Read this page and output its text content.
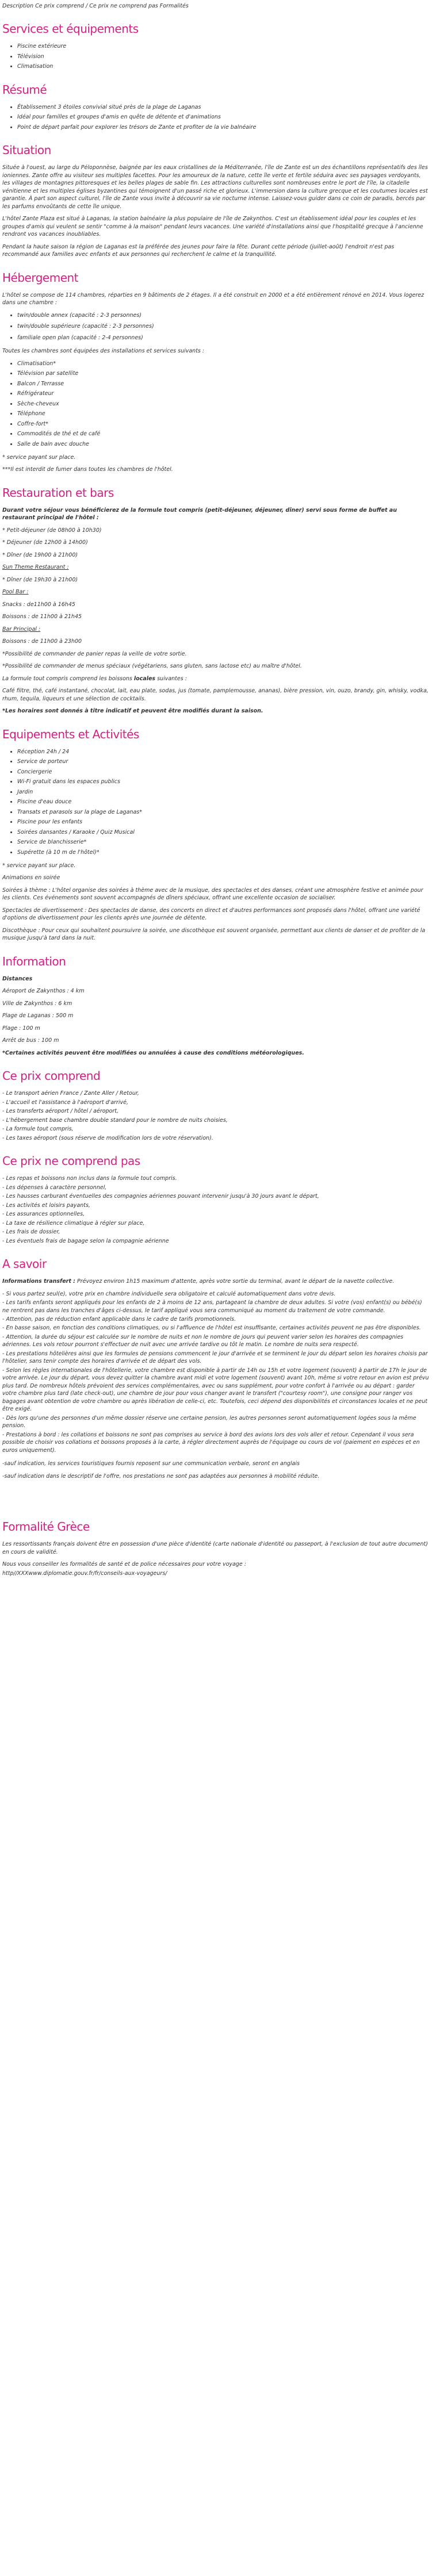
Description Ce prix comprend / Ce prix ne comprend pas Formalités

Services et équipements
• Piscine extérieure
• Télévision
• Climatisation
Résumé
• Établissement 3 étoiles convivial situé près de la plage de Laganas
• Idéal pour familles et groupes d'amis en quête de détente et d'animations
• Point de départ parfait pour explorer les trésors de Zante et profiter de la vie balnéaire
Situation

Située à l'ouest, au large du Péloponnèse, baignée par les eaux cristallines de la Méditerranée, l'île de Zante est un des échantillons représentatifs des îles ioniennes. Zante offre au visiteur ses multiples facettes. Pour les amoureux de la nature, cette île verte et fertile séduira avec ses paysages verdoyants, les villages de montagnes pittoresques et les belles plages de sable fin. Les attractions culturelles sont nombreuses entre le port de l'île, la citadelle vénitienne et les multiples églises byzantines qui témoignent d'un passé riche et glorieux. L'immersion dans la culture grecque et les coutumes locales est garantie. À part son aspect culturel, l'île de Zante vous invite à découvrir sa vie nocturne intense. Laissez-vous guider dans ce coin de paradis, bercés par les parfums envoûtants de cette île unique.

L'hôtel Zante Plaza est situé à Laganas, la station balnéaire la plus populaire de l'île de Zakynthos. C'est un établissement idéal pour les couples et les groupes d'amis qui veulent se sentir "comme à la maison" pendant leurs vacances. Une variété d'installations ainsi que l'hospitalité grecque à l'ancienne rendront vos vacances inoubliables.

Pendant la haute saison la région de Laganas est la préférée des jeunes pour faire la fête. Durant cette période (juillet-août) l'endroit n'est pas recommandé aux familles avec enfants et aux personnes qui recherchent le calme et la tranquillité.

Hébergement

L'hôtel se compose de 114 chambres, réparties en 9 bâtiments de 2 étages. Il a été construit en 2000 et a été entièrement rénové en 2014. Vous logerez dans une chambre :

• twin/double annex (capacité : 2-3 personnes)
• twin/double supérieure (capacité : 2-3 personnes)
• familiale open plan (capacité : 2-4 personnes)

Toutes les chambres sont équipées des installations et services suivants :

• Climatisation*
• Télévision par satellite
• Balcon / Terrasse
• Réfrigérateur
• Sèche-cheveux
• Téléphone
• Coffre-fort*
• Commodités de thé et de café
• Salle de bain avec douche

* service payant sur place.

***Il est interdit de fumer dans toutes les chambres de l'hôtel.

Restauration et bars

Durant votre séjour vous bénéficierez de la formule tout compris (petit-déjeuner, déjeuner, dîner) servi sous forme de buffet au restaurant principal de l'hôtel :

* Petit-déjeuner (de 08h00 à 10h30)

* Déjeuner (de 12h00 à 14h00)

* Dîner (de 19h00 à 21h00)

Sun Theme Restaurant :

* Dîner (de 19h30 à 21h00)

Pool Bar :

Snacks : de11h00 à 16h45

Boissons : de 11h00 à 21h45

Bar Principal :

Boissons : de 11h00 à 23h00

*Possibilité de commander de panier repas la veille de votre sortie.

*Possibilité de commander de menus spéciaux (végétariens, sans gluten, sans lactose etc) au maître d'hôtel.

La formule tout compris comprend les boissons locales suivantes :

Café filtre, thé, café instantané, chocolat, lait, eau plate, sodas, jus (tomate, pamplemousse, ananas), bière pression, vin, ouzo, brandy, gin, whisky, vodka, rhum, tequila, liqueurs et une sélection de cocktails.

*Les horaires sont donnés à titre indicatif et peuvent être modifiés durant la saison.

Equipements et Activités
• Réception 24h / 24
• Service de porteur
• Conciergerie
• Wi-Fi gratuit dans les espaces publics
• Jardin
• Piscine d'eau douce
• Transats et parasols sur la plage de Laganas*
• Piscine pour les enfants
• Soirées dansantes / Karaoke / Quiz Musical
• Service de blanchisserie*
• Supérette (à 10 m de l'hôtel)*

* service payant sur place.

Animations en soirée

Soirées à thème : L'hôtel organise des soirées à thème avec de la musique, des spectacles et des danses, créant une atmosphère festive et animée pour les clients. Ces événements sont souvent accompagnés de dîners spéciaux, offrant une excellente occasion de socialiser.

Spectacles de divertissement : Des spectacles de danse, des concerts en direct et d'autres performances sont proposés dans l'hôtel, offrant une variété d'options de divertissement pour les clients après une journée de détente.

Discothèque : Pour ceux qui souhaitent poursuivre la soirée, une discothèque est souvent organisée, permettant aux clients de danser et de profiter de la musique jusqu'à tard dans la nuit.

Information

Distances

Aéroport de Zakynthos : 4 km

Ville de Zakynthos : 6 km

Plage de Laganas : 500 m

Plage : 100 m

Arrêt de bus : 100 m

*Certaines activités peuvent être modifiées ou annulées à cause des conditions météorologiques.

Ce prix comprend

- Le transport aérien France / Zante Aller / Retour,

- L'accueil et l'assistance à l'aéroport d'arrivé,

- Les transferts aéroport / hôtel / aéroport,

- L'hébergement base chambre double standard pour le nombre de nuits choisies,

- La formule tout compris,

- Les taxes aéroport (sous réserve de modification lors de votre réservation).

Ce prix ne comprend pas

- Les repas et boissons non inclus dans la formule tout compris.

- Les dépenses à caractère personnel,

- Les hausses carburant éventuelles des compagnies aériennes pouvant intervenir jusqu'à 30 jours avant le départ,

- Les activités et loisirs payants,

- Les assurances optionnelles,

- La taxe de résilience climatique à régler sur place,

- Les frais de dossier,

- Les éventuels frais de bagage selon la compagnie aérienne

A savoir

Informations transfert : Prévoyez environ 1h15 maximum d'attente, après votre sortie du terminal, avant le départ de la navette collective.

- Si vous partez seul(e), votre prix en chambre individuelle sera obligatoire et calculé automatiquement dans votre devis.

- Les tarifs enfants seront appliqués pour les enfants de 2 à moins de 12 ans, partageant la chambre de deux adultes. Si votre (vos) enfant(s) ou bébé(s) ne rentrent pas dans les tranches d'âges ci-dessus, le tarif appliqué vous sera communiqué au moment du traitement de votre commande.

- Attention, pas de réduction enfant applicable dans le cadre de tarifs promotionnels.

- En basse saison, en fonction des conditions climatiques, ou si l'affluence de l'hôtel est insuffisante, certaines activités peuvent ne pas être disponibles.

- Attention, la durée du séjour est calculée sur le nombre de nuits et non le nombre de jours qui peuvent varier selon les horaires des compagnies aériennes. Les vols retour pourront s'effectuer de nuit avec une arrivée tardive ou tôt le matin. Le nombre de nuits sera respecté.

- Les prestations hôtelières ainsi que les formules de pensions commencent le jour d'arrivée et se terminent le jour du départ selon les horaires choisis par l'hôtelier, sans tenir compte des horaires d'arrivée et de départ des vols.

- Selon les règles internationales de l'hôtellerie, votre chambre est disponible à partir de 14h ou 15h et votre logement (souvent) à partir de 17h le jour de votre arrivée. Le jour du départ, vous devez quitter la chambre avant midi et votre logement (souvent) avant 10h, même si votre retour en avion est prévu plus tard. De nombreux hôtels prévoient des services complémentaires, avec ou sans supplément, pour votre confort à l'arrivée ou au départ : garder votre chambre plus tard (late check-out), une chambre de jour pour vous changer avant le transfert ("courtesy room"), une consigne pour ranger vos bagages avant obtention de votre chambre ou après libération de celle-ci, etc. Toutefois, ceci dépend des disponibilités et circonstances locales et ne peut être exigé.

- Dès lors qu'une des personnes d'un même dossier réserve une certaine pension, les autres personnes seront automatiquement logées sous la même pension.

- Prestations à bord : les collations et boissons ne sont pas comprises au service à bord des avions lors des vols aller et retour. Cependant il vous sera possible de choisir vos collations et boissons proposés à la carte, à régler directement auprès de l'équipage ou cours de vol (paiement en espèces et en euros uniquement).

-sauf indication, les services touristiques fournis reposent sur une communication verbale, seront en anglais

-sauf indication dans le descriptif de l'offre, nos prestations ne sont pas adaptées aux personnes à mobilité réduite.

Formalité Grèce

Les ressortissants français doivent être en possession d'une pièce d'identité (carte nationale d'identité ou passeport, à l'exclusion de tout autre document) en cours de validité.

Nous vous conseiller les formalités de santé et de police nécessaires pour votre voyage :

http//XXXwww.diplomatie.gouv.fr/fr/conseils-aux-voyageurs/
